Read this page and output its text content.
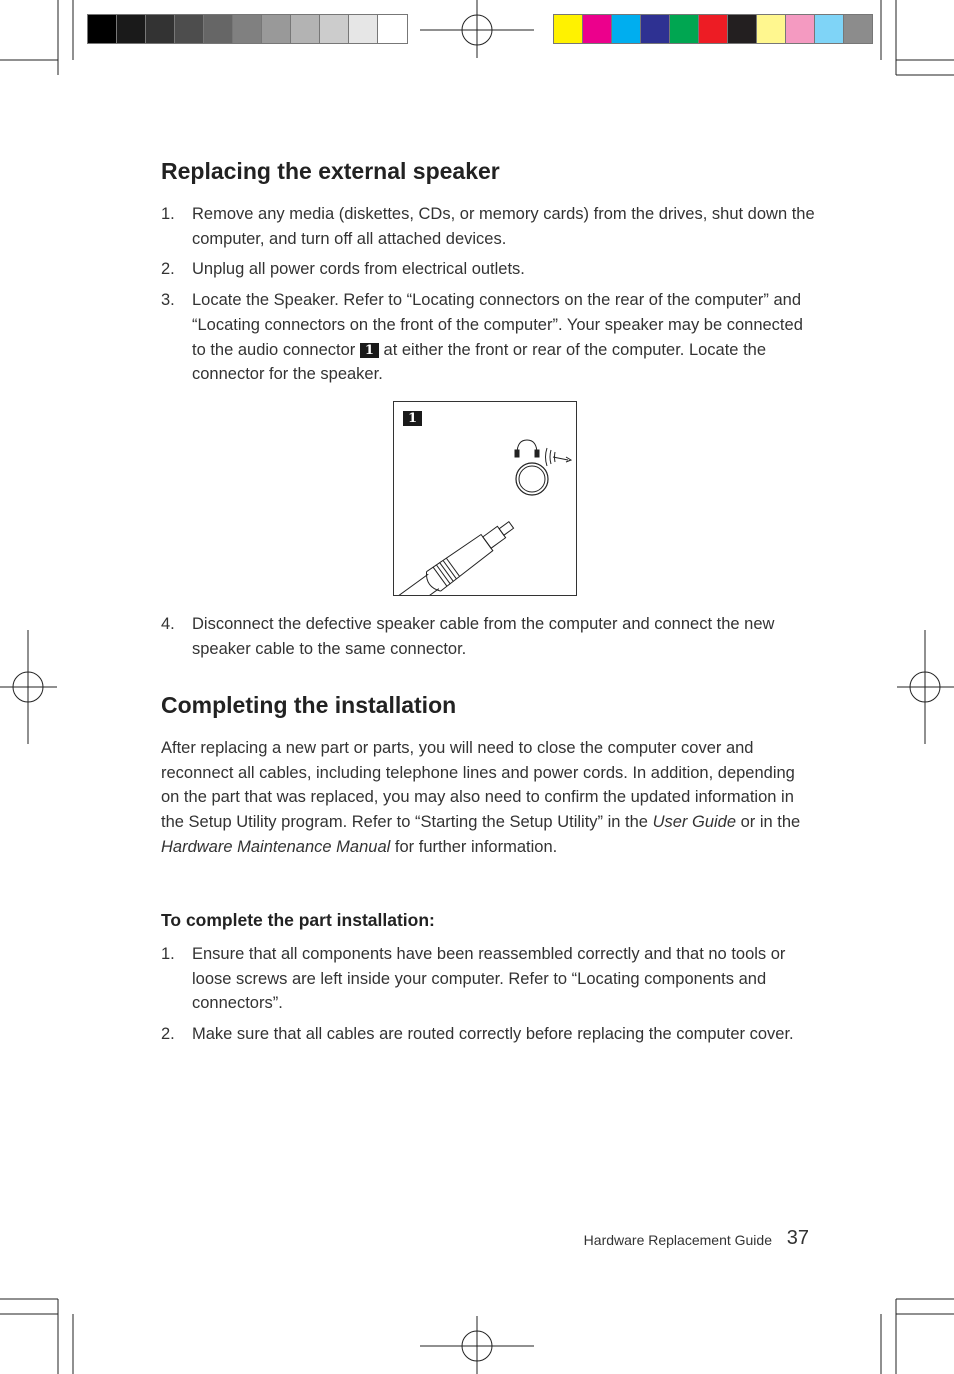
Replacing the external speaker
1.	Remove any media (diskettes, CDs, or memory cards) from the drives, shut down the computer, and turn off all attached devices.
2.	Unplug all power cords from electrical outlets.
3.	Locate the Speaker. Refer to “Locating connectors on the rear of the computer” and “Locating connectors on the front of the computer”. Your speaker may be connected to the audio connector 1 at either the front or rear of the computer. Locate the connector for the speaker.
1
4.	Disconnect the defective speaker cable from the computer and connect the new speaker cable to the same connector.
Completing the installation

After replacing a new part or parts, you will need to close the computer cover and reconnect all cables, including telephone lines and power cords. In addition, depending on the part that was replaced, you may also need to confirm the updated information in the Setup Utility program. Refer to “Starting the Setup Utility” in the User Guide or in the Hardware Maintenance Manual for further information.

To complete the part installation:
1.	Ensure that all components have been reassembled correctly and that no tools or loose screws are left inside your computer. Refer to “Locating components and connectors”.
2.	Make sure that all cables are routed correctly before replacing the computer cover.
Hardware Replacement Guide 37
